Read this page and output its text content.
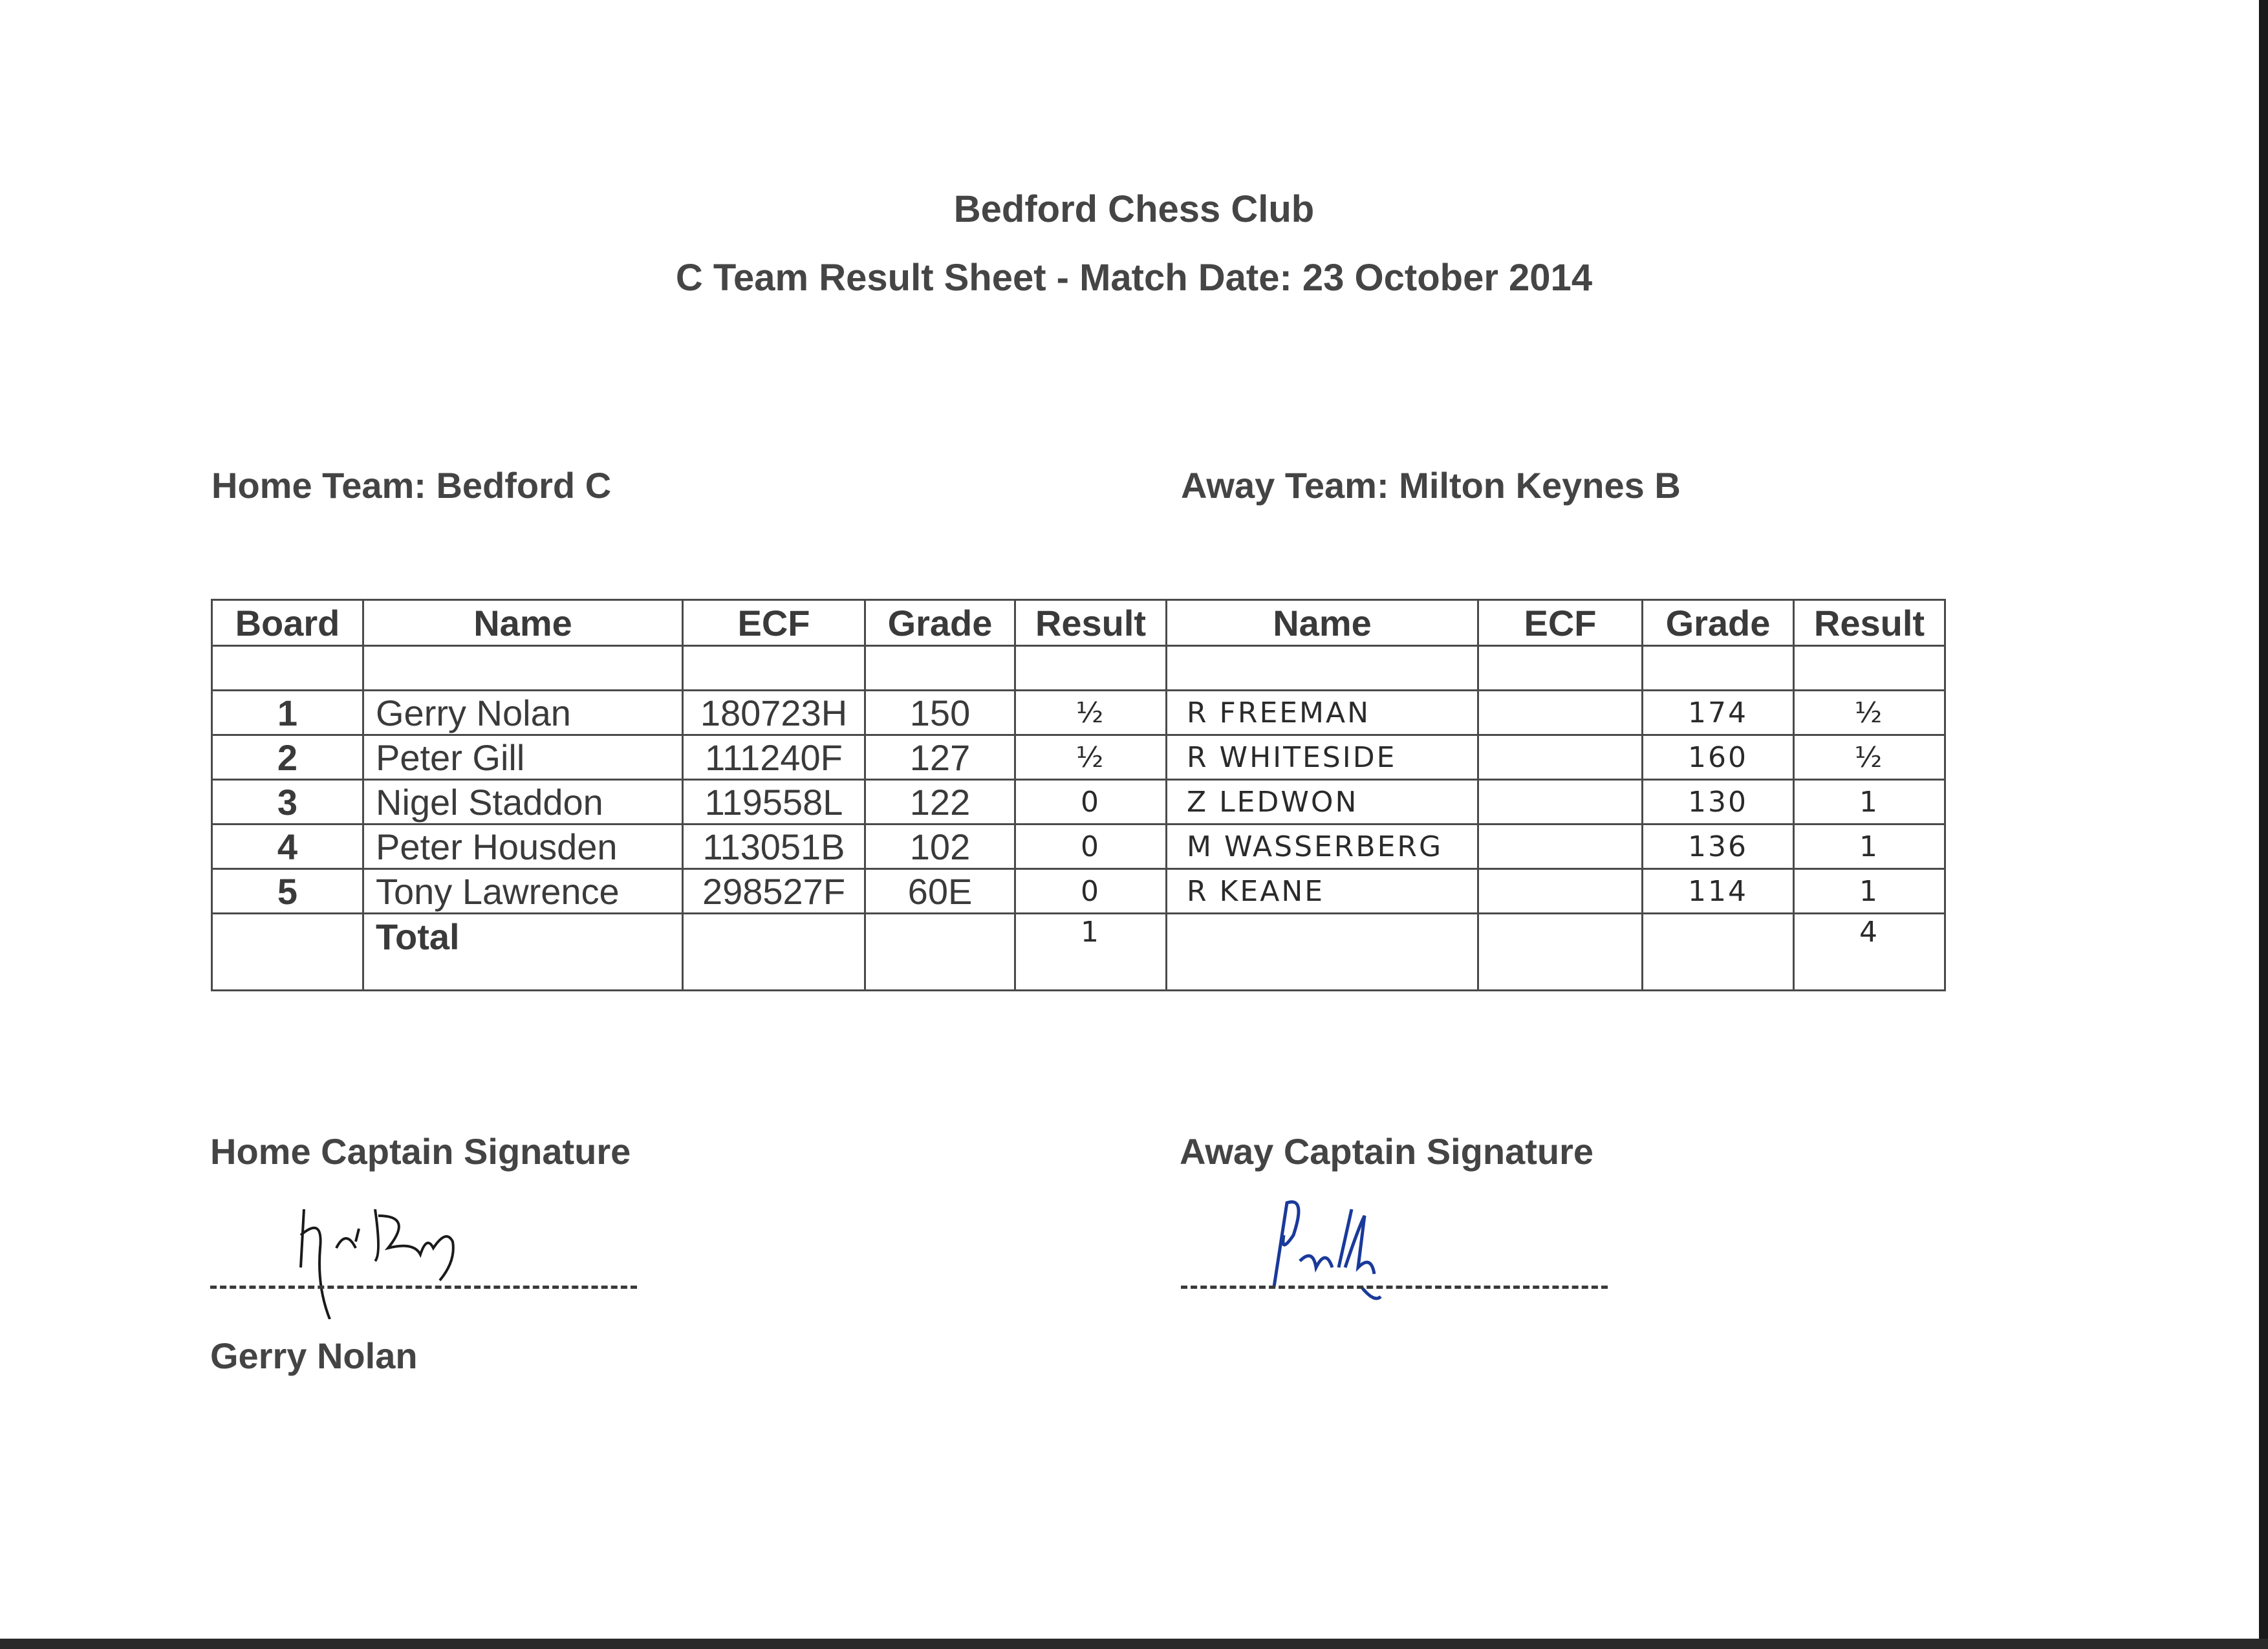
Bedford Chess Club
C Team Result Sheet - Match Date: 23 October 2014
Home Team: Bedford C	Away Team: Milton Keynes B
Board	Name	ECF	Grade	Result	Name	ECF	Grade	Result

1	Gerry Nolan	180723H	150	½	R FREEMAN		174	½
2	Peter Gill	111240F	127	½	R WHITESIDE		160	½
3	Nigel Staddon	119558L	122	0	Z LEDWON		130	1
4	Peter Housden	113051B	102	0	M WASSERBERG		136	1
5	Tony Lawrence	298527F	60E	0	R KEANE		114	1
	Total			1				4
Home Captain Signature	Away Captain Signature
Gerry Nolan
